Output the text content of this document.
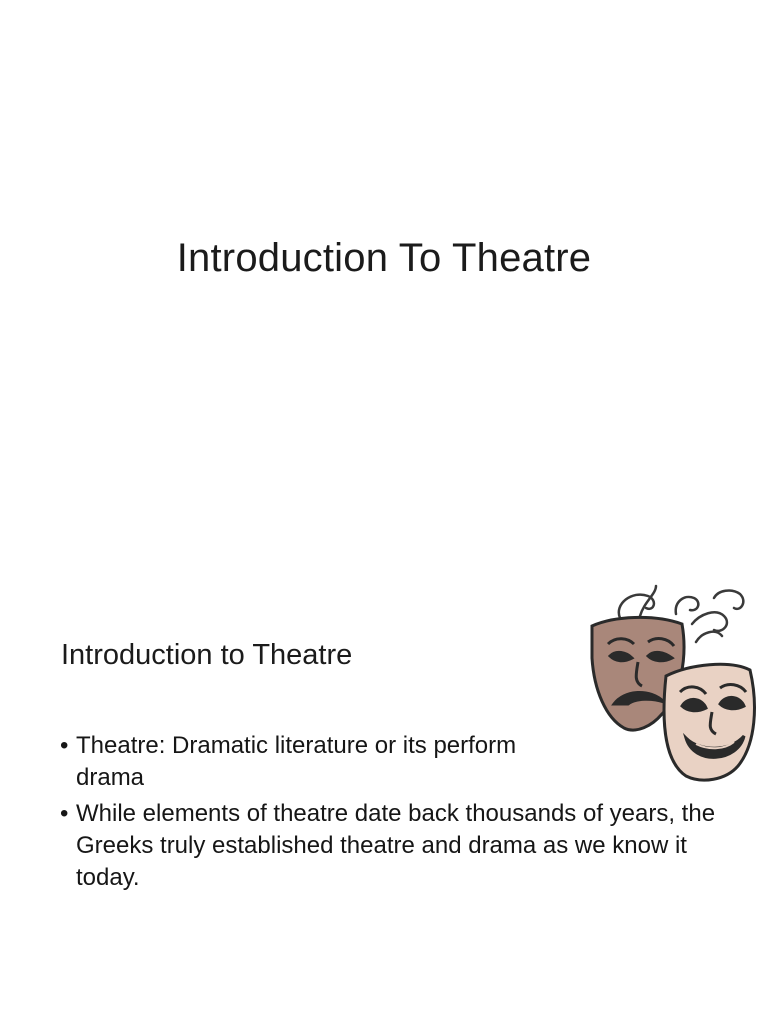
Introduction To Theatre
Introduction to Theatre
• Theatre: Dramatic literature or its perform
drama
• While elements of theatre date back thousands of years, the Greeks truly established theatre and drama as we know it today.
